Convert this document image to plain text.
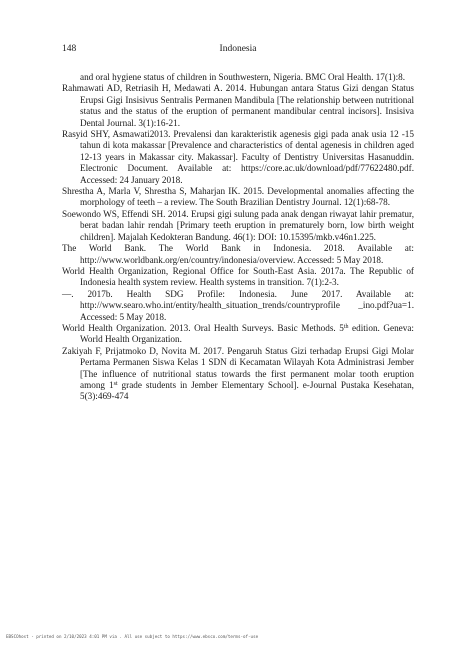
148	Indonesia
and oral hygiene status of children in Southwestern, Nigeria. BMC Oral Health. 17(1):8.
Rahmawati AD, Retriasih H, Medawati A. 2014. Hubungan antara Status Gizi dengan Status Erupsi Gigi Insisivus Sentralis Permanen Mandibula [The relationship between nutritional status and the status of the eruption of permanent mandibular central incisors]. Insisiva Dental Journal. 3(1):16-21.
Rasyid SHY, Asmawati2013. Prevalensi dan karakteristik agenesis gigi pada anak usia 12 -15 tahun di kota makassar [Prevalence and characteristics of dental agenesis in children aged 12-13 years in Makassar city. Makassar]. Faculty of Dentistry Universitas Hasanuddin. Electronic Document. Available at: https://core.ac.uk/download/pdf/77622480.pdf. Accessed: 24 January 2018.
Shrestha A, Marla V, Shrestha S, Maharjan IK. 2015. Developmental anomalies affecting the morphology of teeth – a review. The South Brazilian Dentistry Journal. 12(1):68-78.
Soewondo WS, Effendi SH. 2014. Erupsi gigi sulung pada anak dengan riwayat lahir prematur, berat badan lahir rendah [Primary teeth eruption in prematurely born, low birth weight children]. Majalah Kedokteran Bandung. 46(1): DOI: 10.15395/mkb.v46n1.225.
The World Bank. The World Bank in Indonesia. 2018. Available at: http://www.worldbank.org/en/country/indonesia/overview. Accessed: 5 May 2018.
World Health Organization, Regional Office for South-East Asia. 2017a. The Republic of Indonesia health system review. Health systems in transition. 7(1):2-3.
—. 2017b. Health SDG Profile: Indonesia. June 2017. Available at: http://www.searo.who.int/entity/health_situation_trends/countryprofile _ino.pdf?ua=1. Accessed: 5 May 2018.
World Health Organization. 2013. Oral Health Surveys. Basic Methods. 5th edition. Geneva: World Health Organization.
Zakiyah F, Prijatmoko D, Novita M. 2017. Pengaruh Status Gizi terhadap Erupsi Gigi Molar Pertama Permanen Siswa Kelas 1 SDN di Kecamatan Wilayah Kota Administrasi Jember [The influence of nutritional status towards the first permanent molar tooth eruption among 1st grade students in Jember Elementary School]. e-Journal Pustaka Kesehatan, 5(3):469-474
EBSCOhost - printed on 2/10/2023 4:01 PM via . All use subject to https://www.ebsco.com/terms-of-use
